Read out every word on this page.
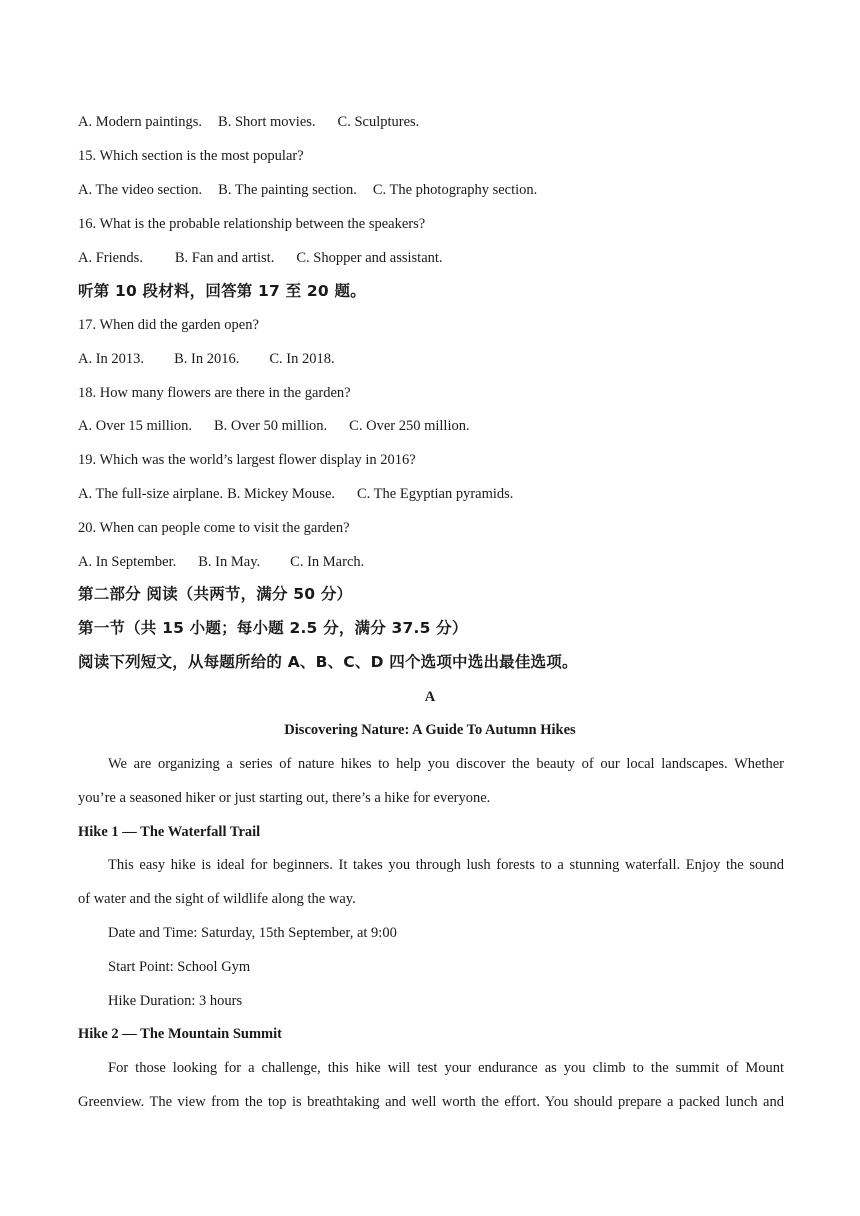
A. Modern paintings. B. Short movies. C. Sculptures.
15. Which section is the most popular?
A. The video section. B. The painting section. C. The photography section.
16. What is the probable relationship between the speakers?
A. Friends. B. Fan and artist. C. Shopper and assistant.
听第 10 段材料，回答第 17 至 20 题。
17. When did the garden open?
A. In 2013. B. In 2016. C. In 2018.
18. How many flowers are there in the garden?
A. Over 15 million. B. Over 50 million. C. Over 250 million.
19. Which was the world’s largest flower display in 2016?
A. The full-size airplane. B. Mickey Mouse. C. The Egyptian pyramids.
20. When can people come to visit the garden?
A. In September. B. In May. C. In March.
第二部分 阅读（共两节，满分 50 分）
第一节（共 15 小题；每小题 2.5 分，满分 37.5 分）
阅读下列短文，从每题所给的 A、B、C、D 四个选项中选出最佳选项。
A
Discovering Nature: A Guide To Autumn Hikes
We are organizing a series of nature hikes to help you discover the beauty of our local landscapes. Whether
you’re a seasoned hiker or just starting out, there’s a hike for everyone.
Hike 1 — The Waterfall Trail
This easy hike is ideal for beginners. It takes you through lush forests to a stunning waterfall. Enjoy the sound
of water and the sight of wildlife along the way.
Date and Time: Saturday, 15th September, at 9:00
Start Point: School Gym
Hike Duration: 3 hours
Hike 2 — The Mountain Summit
For those looking for a challenge, this hike will test your endurance as you climb to the summit of Mount
Greenview. The view from the top is breathtaking and well worth the effort. You should prepare a packed lunch and
